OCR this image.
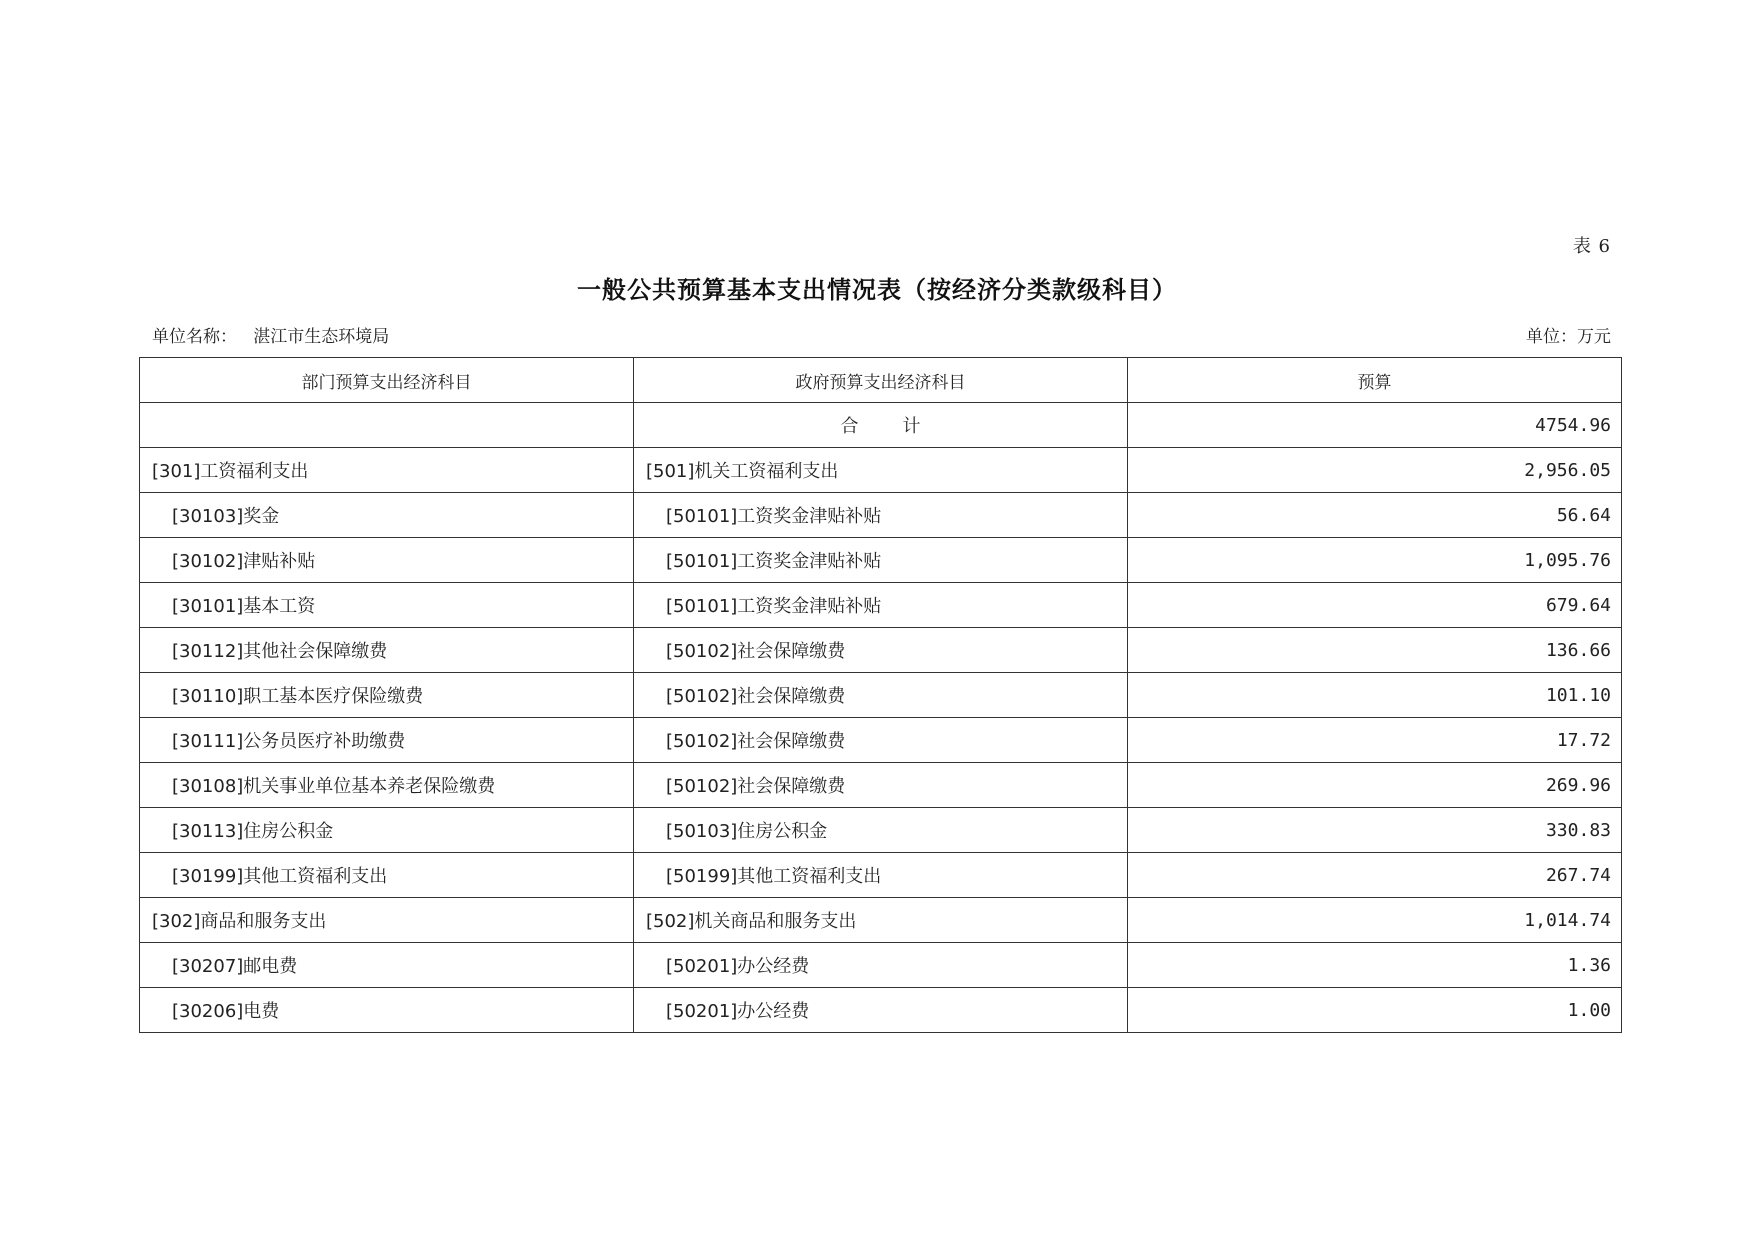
表 6
一般公共预算基本支出情况表（按经济分类款级科目）
单位名称： 湛江市生态环境局	单位：万元
部门预算支出经济科目	政府预算支出经济科目	预算
	合计	4754.96
[301]工资福利支出	[501]机关工资福利支出	2,956.05
[30103]奖金	[50101]工资奖金津贴补贴	56.64
[30102]津贴补贴	[50101]工资奖金津贴补贴	1,095.76
[30101]基本工资	[50101]工资奖金津贴补贴	679.64
[30112]其他社会保障缴费	[50102]社会保障缴费	136.66
[30110]职工基本医疗保险缴费	[50102]社会保障缴费	101.10
[30111]公务员医疗补助缴费	[50102]社会保障缴费	17.72
[30108]机关事业单位基本养老保险缴费	[50102]社会保障缴费	269.96
[30113]住房公积金	[50103]住房公积金	330.83
[30199]其他工资福利支出	[50199]其他工资福利支出	267.74
[302]商品和服务支出	[502]机关商品和服务支出	1,014.74
[30207]邮电费	[50201]办公经费	1.36
[30206]电费	[50201]办公经费	1.00
